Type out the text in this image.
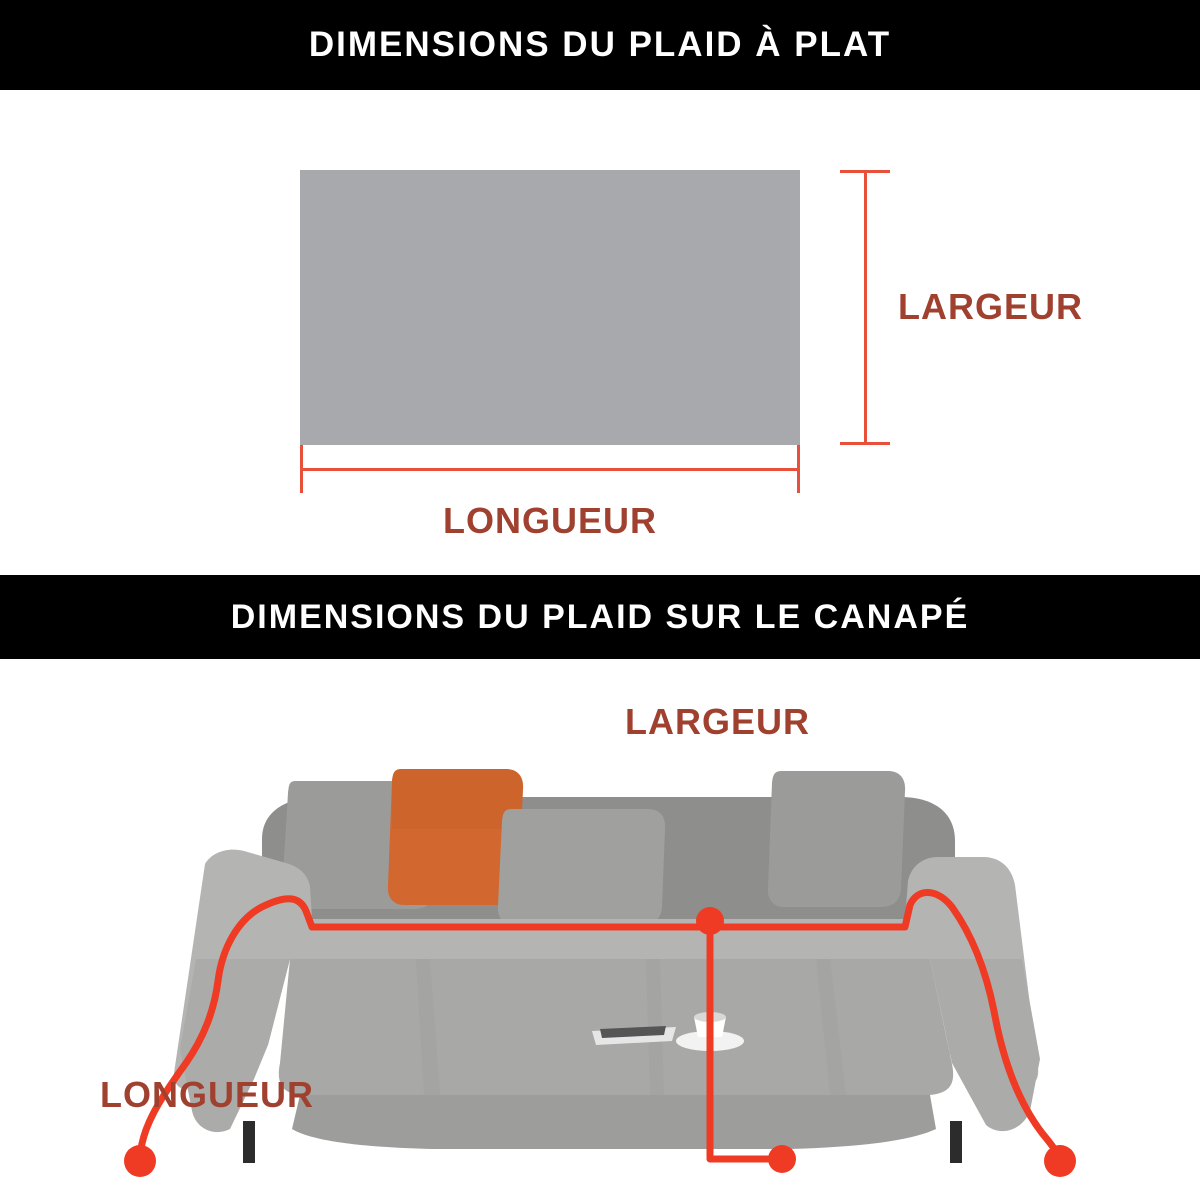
DIMENSIONS DU PLAID À PLAT
LARGEUR
LONGUEUR
DIMENSIONS DU PLAID SUR LE CANAPÉ
LARGEUR
LONGUEUR
